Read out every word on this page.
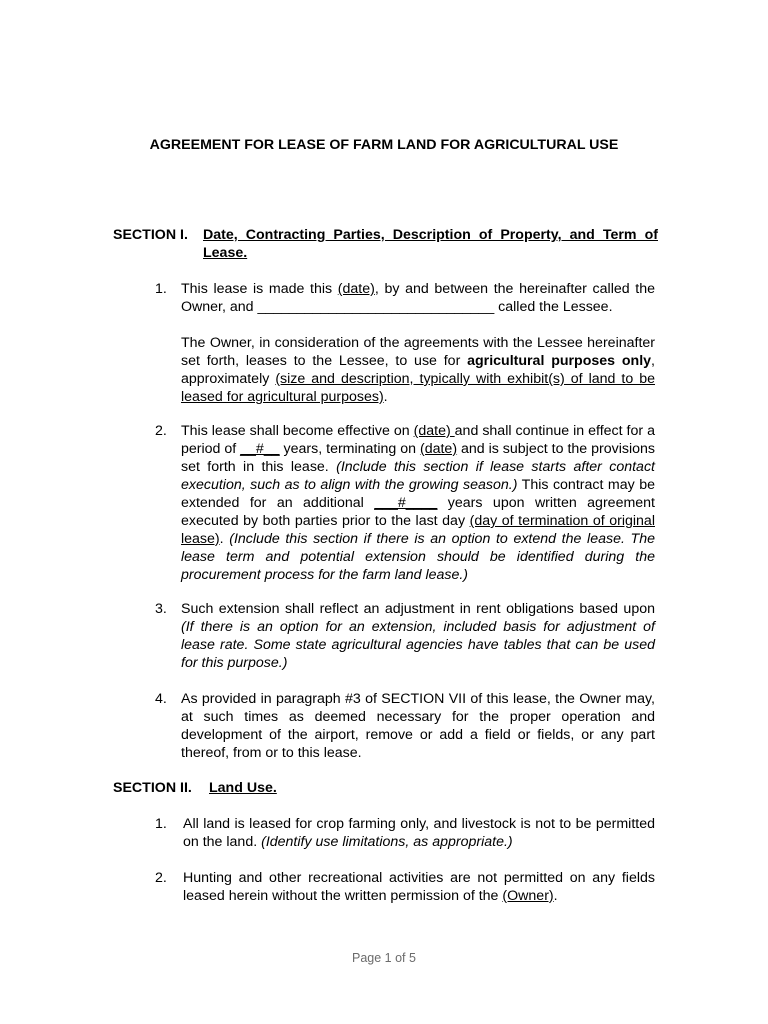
AGREEMENT FOR LEASE OF FARM LAND FOR AGRICULTURAL USE
SECTION I. Date, Contracting Parties, Description of Property, and Term of Lease.
1. This lease is made this (date), by and between the hereinafter called the Owner, and ______________________________ called the Lessee.

The Owner, in consideration of the agreements with the Lessee hereinafter set forth, leases to the Lessee, to use for agricultural purposes only, approximately (size and description, typically with exhibit(s) of land to be leased for agricultural purposes).

2. This lease shall become effective on (date) and shall continue in effect for a period of __#__ years, terminating on (date) and is subject to the provisions set forth in this lease. (Include this section if lease starts after contact execution, such as to align with the growing season.) This contract may be extended for an additional ___#____ years upon written agreement executed by both parties prior to the last day (day of termination of original lease). (Include this section if there is an option to extend the lease. The lease term and potential extension should be identified during the procurement process for the farm land lease.)

3. Such extension shall reflect an adjustment in rent obligations based upon (If there is an option for an extension, included basis for adjustment of lease rate. Some state agricultural agencies have tables that can be used for this purpose.)

4. As provided in paragraph #3 of SECTION VII of this lease, the Owner may, at such times as deemed necessary for the proper operation and development of the airport, remove or add a field or fields, or any part thereof, from or to this lease.

SECTION II. Land Use.
1. All land is leased for crop farming only, and livestock is not to be permitted on the land. (Identify use limitations, as appropriate.)

2. Hunting and other recreational activities are not permitted on any fields leased herein without the written permission of the (Owner).

Page 1 of 5
